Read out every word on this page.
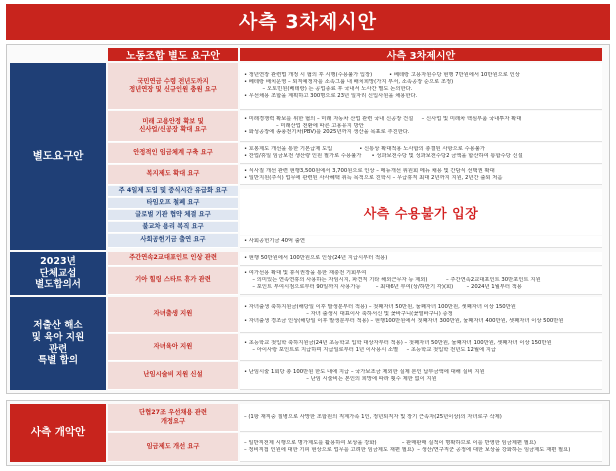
사측 3차제시안
노동조합 별도 요구안	사측 3차제시안
별도요구안
2023년
단체교섭
별도합의서
저출산 해소
및 육아 지원
관련
특별 합의
사측 개악안
국민연금 수령 전년도까지
정년연장 및 신규인원 충원 요구
미래 고용안정 확보 및
신사업/신공장 확대 요구
안정적인 임금체계 구축 요구
복지제도 확대 요구
주 4일제 도입 및 중식시간 유급화 요구
타임오프 철폐 요구
글로벌 기관 협약 체결 요구
불교차 용리 복직 요구
사회공헌기금 출연 요구
주간연속2교대포인트 인상 관련
기아 힐링 스타트 휴가 관련
자녀출생 지원
자녀육아 지원
난임시술비 지원 신설
단협27조 우선채용 관련
개정요구
임금제도 개선 요구
• 정년연장 관련법 개정 시 협의 후 시행(수용불가 입장)          • 베테랑 고용자원수당 현행 7만원에서 10만원으로 인상
• 베테랑 배치운영 – 퇴직예정자를 소속그룹 내 배치희망(가지 부서, 소속공장 순으로 조정)
– 오토민원(베테랑) 는 공업종료 후 국내서 노사간 별도 논의한다.
• 우선채용 조합을 계획하고 300명으로 23년 일자리 신입사원을 채용한다.
• 미래경쟁력 확보를 위한 협의 – 미래 자동차 산업 관련 국내 신공장 건설     – 신사업 및 미래차 핵심부품 국내투자 확대
– 미래산업 전환에 따른 고용유지 방안
• 화성공장에 송풍전기차(PBV)를 2025년까지 생산을 목표로 추진한다.
• 호봉제도 개선을 통한 기본급제 도입                • 신통상 확대적용 노사합의 총결된 사항으로 수용불가
• 잔업/휴일 임금보전 생산량 인원 필가로 수용불가      • 성과보전수당 및 성과보전수당2 금액을 합산하여 통합수당 신설
• 식사질 개선 관련 현행3,500원에서 3,700원으로 인상 – 메뉴개선 위원회 메뉴 채용 및 간담식 선택권 확대
• 일반지원(주식) 업무에 관련된 사사혜택 취득 목적으로 진학시 – 우급휴직 최대 2년까지 지원, 2년간 출퇴 처음
사측 수용불가 입장
• 사회공헌기금 40억 출연
• 현행 50만원에서 100만원으로 인상(24년 지급시부터 적용)
• 여가선용 확대 및 휴식권장을 통한 재충전 기회부여
– 의미있는 연속연휴의 사용하는 자임시지, 파견직 기타 해외근무자 등 제외)           – 주간연속2교대포인트 30만포인트 지원
– 포인트 부여시점으로부터 90일까지 사용가능         – 최대6년 부여(상/하반기 각)(회)        – 2024년 1월부터 적용
• 자녀출생 축하지원금(해당일 이후 발생분부터 적용) – 첫째자녀 50만원, 둘째자녀 100만원, 셋째자녀 이상 150만원
– 자녀 출생시 대표이사 축하서신 및 꽃바구니(꽃열바구니) 증정
• 자녀출생 경조금 인상(해당일 이후 발생분부터 적용) – 현행100만원에서 첫째자녀 300만원, 둘째자녀 400만원, 셋째자녀 이상 500만원
• 초등학교 첫입학 축하지원금(24년 초등학교 입학 대상자부터 적용) – 첫째자녀 50만원, 둘째자녀 100만원, 셋째자녀 이상 150만원
– 아이사랑 포인트로 지급하며 지급일로부터 1년 이사용시 소멸     – 초등학교 첫입학 전년도 12월에 지급
• 난임시술 1회당 총 100만원 한도 내에 지급 – 국가보조금 제외한 실제 본인 납부금액에 대해 실비 지원
– 난임 시술비는 본인의 희망에 따라 횟수 제한 없이 지원
– (1항 재직중 질병으로 사망한 조합원의 직계가족 1인, 정년퇴직자 및 장기 근속자(25년이상)의 자녀로구 삭제)
– 일반직전제 시행으로 명가제도를 활용하여 보상을 강화)               – 판매판매 실적이 명확하므로 이를 반영한 임금제편 필요)
– 정비직접 인원에 대한 기피 현상으로 업무를 고려한 임금제도 재편 필요)  – 생산/연구직군 공정에 대한 보상을 강화하는 임금제도 재편 필요)
